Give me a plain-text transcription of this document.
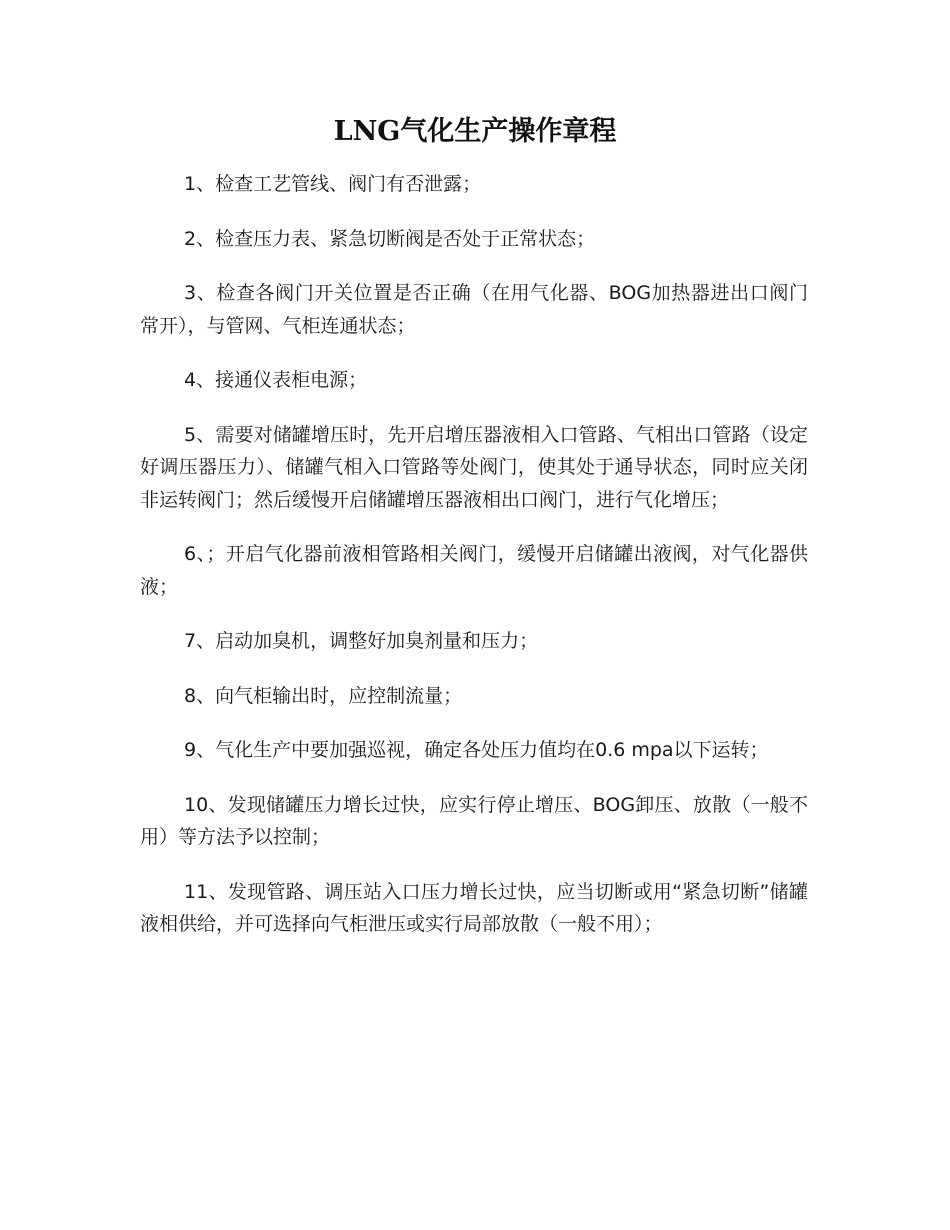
LNG气化生产操作章程

1、检查工艺管线、阀门有否泄露；

2、检查压力表、紧急切断阀是否处于正常状态；

3、检查各阀门开关位置是否正确（在用气化器、BOG加热器进出口阀门常开），与管网、气柜连通状态；

4、接通仪表柜电源；

5、需要对储罐增压时，先开启增压器液相入口管路、气相出口管路（设定好调压器压力）、储罐气相入口管路等处阀门，使其处于通导状态，同时应关闭非运转阀门；然后缓慢开启储罐增压器液相出口阀门，进行气化增压；

6、；开启气化器前液相管路相关阀门，缓慢开启储罐出液阀，对气化器供液；

7、启动加臭机，调整好加臭剂量和压力；

8、向气柜输出时，应控制流量；

9、气化生产中要加强巡视，确定各处压力值均在0.6 mpa以下运转；

10、发现储罐压力增长过快，应实行停止增压、BOG卸压、放散（一般不用）等方法予以控制；

11、发现管路、调压站入口压力增长过快，应当切断或用“紧急切断”储罐液相供给，并可选择向气柜泄压或实行局部放散（一般不用）；
